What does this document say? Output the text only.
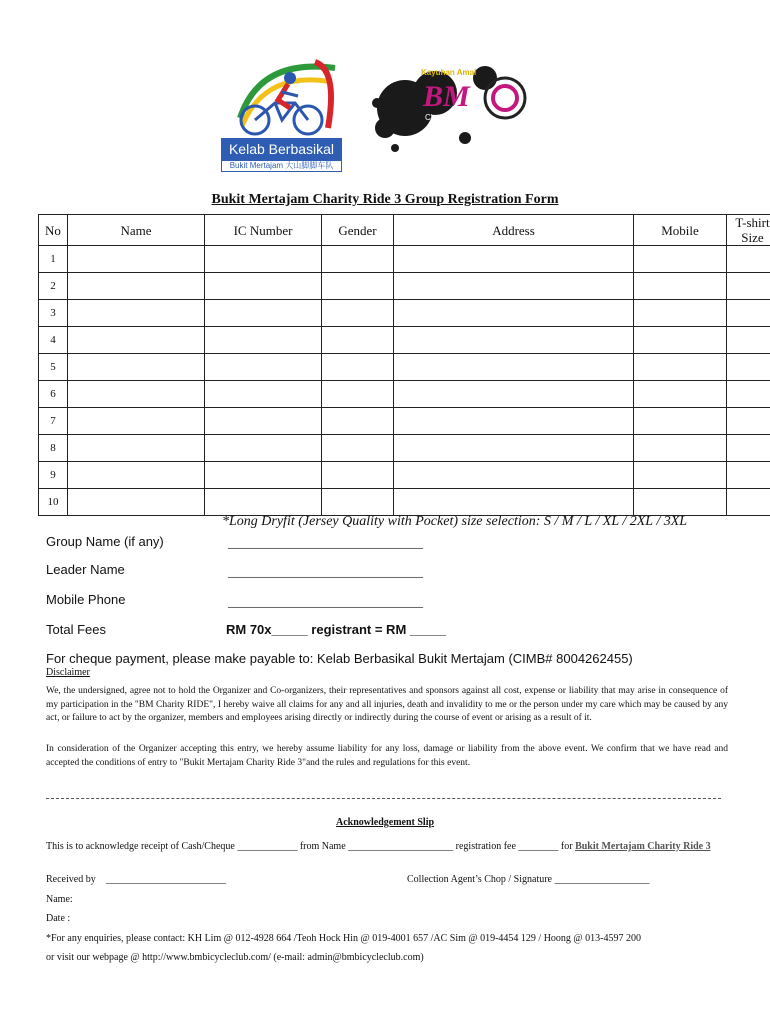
Kelab Berbasikal
Bukit Mertajam 大山脚脚车队
Kayuhan Amal
BM
Charity Ride
Bukit Mertajam Charity Ride 3 Group Registration Form
No	Name	IC Number	Gender	Address	Mobile	T-shirt Size
1						
2						
3						
4						
5						
6						
7						
8						
9						
10						
*Long Dryfit (Jersey Quality with Pocket) size selection: S / M / L / XL / 2XL / 3XL
Group Name (if any)	______________________________
Leader Name	______________________________
Mobile Phone	______________________________
Total Fees	RM 70x_____ registrant = RM _____
For cheque payment, please make payable to: Kelab Berbasikal Bukit Mertajam (CIMB# 8004262455)
Disclaimer
We, the undersigned, agree not to hold the Organizer and Co-organizers, their representatives and sponsors against all cost, expense or liability that may arise in consequence of my participation in the "BM Charity RIDE", I hereby waive all claims for any and all injuries, death and invalidity to me or the person under my care which may be caused by any act, or failure to act by the organizer, members and employees arising directly or indirectly during the course of event or arising as a result of it.
In consideration of the Organizer accepting this entry, we hereby assume liability for any loss, damage or liability from the above event. We confirm that we have read and accepted the conditions of entry to "Bukit Mertajam Charity Ride 3"and the rules and regulations for this event.
Acknowledgement Slip
This is to acknowledge receipt of Cash/Cheque ____________ from Name _____________________ registration fee ________ for Bukit Mertajam Charity Ride 3
Received by ________________________	Collection Agent’s Chop / Signature ___________________
Name:
Date :
*For any enquiries, please contact: KH Lim @ 012-4928 664 /Teoh Hock Hin @ 019-4001 657 /AC Sim @ 019-4454 129 / Hoong @ 013-4597 200
or visit our webpage @ http://www.bmbicycleclub.com/ (e-mail: admin@bmbicycleclub.com)
